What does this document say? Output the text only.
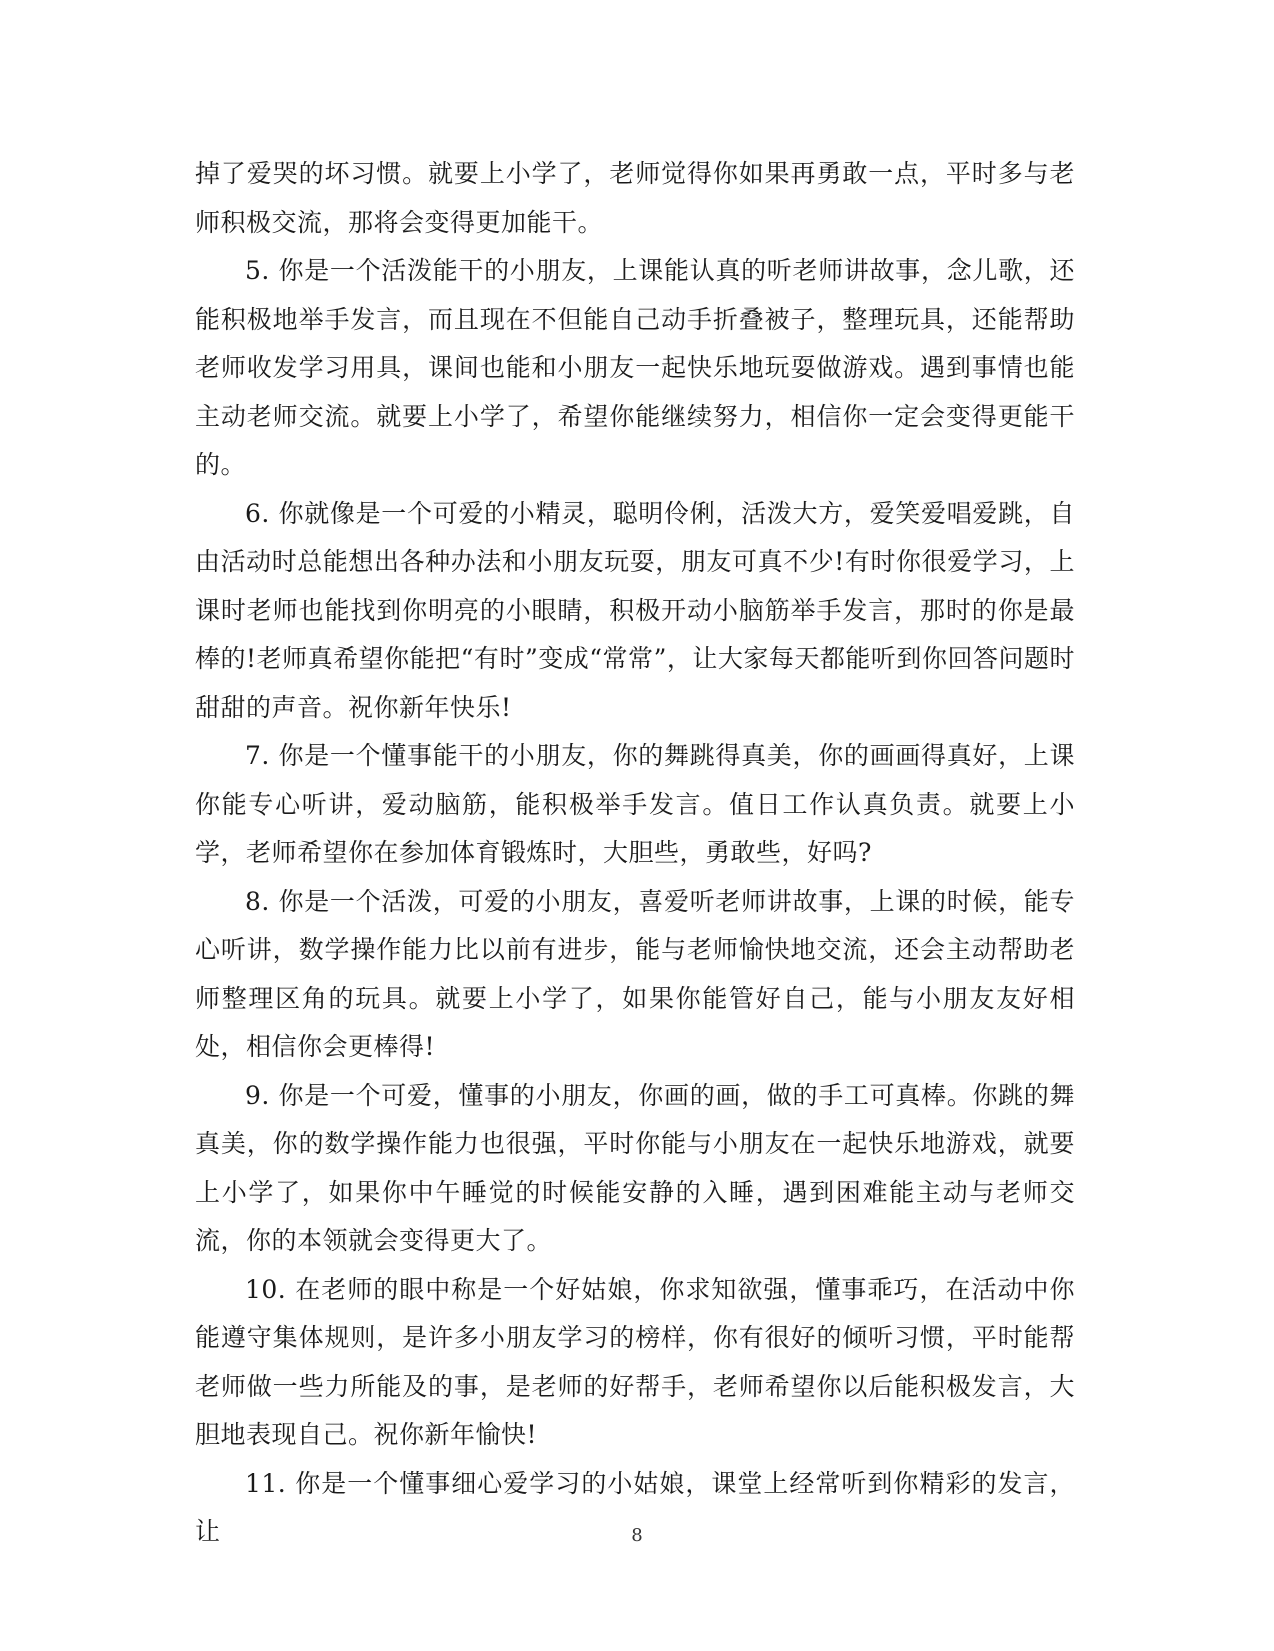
掉了爱哭的坏习惯。就要上小学了，老师觉得你如果再勇敢一点，平时多与老师积极交流，那将会变得更加能干。

5. 你是一个活泼能干的小朋友，上课能认真的听老师讲故事，念儿歌，还能积极地举手发言，而且现在不但能自己动手折叠被子，整理玩具，还能帮助老师收发学习用具，课间也能和小朋友一起快乐地玩耍做游戏。遇到事情也能主动老师交流。就要上小学了，希望你能继续努力，相信你一定会变得更能干的。

6. 你就像是一个可爱的小精灵，聪明伶俐，活泼大方，爱笑爱唱爱跳，自由活动时总能想出各种办法和小朋友玩耍，朋友可真不少!有时你很爱学习，上课时老师也能找到你明亮的小眼睛，积极开动小脑筋举手发言，那时的你是最棒的!老师真希望你能把“有时”变成“常常”，让大家每天都能听到你回答问题时甜甜的声音。祝你新年快乐!

7. 你是一个懂事能干的小朋友，你的舞跳得真美，你的画画得真好，上课你能专心听讲，爱动脑筋，能积极举手发言。值日工作认真负责。就要上小学，老师希望你在参加体育锻炼时，大胆些，勇敢些，好吗?

8. 你是一个活泼，可爱的小朋友，喜爱听老师讲故事，上课的时候，能专心听讲，数学操作能力比以前有进步，能与老师愉快地交流，还会主动帮助老师整理区角的玩具。就要上小学了，如果你能管好自己，能与小朋友友好相处，相信你会更棒得!

9. 你是一个可爱，懂事的小朋友，你画的画，做的手工可真棒。你跳的舞真美，你的数学操作能力也很强，平时你能与小朋友在一起快乐地游戏，就要上小学了，如果你中午睡觉的时候能安静的入睡，遇到困难能主动与老师交流，你的本领就会变得更大了。

10. 在老师的眼中称是一个好姑娘，你求知欲强，懂事乖巧，在活动中你能遵守集体规则，是许多小朋友学习的榜样，你有很好的倾听习惯，平时能帮老师做一些力所能及的事，是老师的好帮手，老师希望你以后能积极发言，大胆地表现自己。祝你新年愉快!

11. 你是一个懂事细心爱学习的小姑娘，课堂上经常听到你精彩的发言，让	8
